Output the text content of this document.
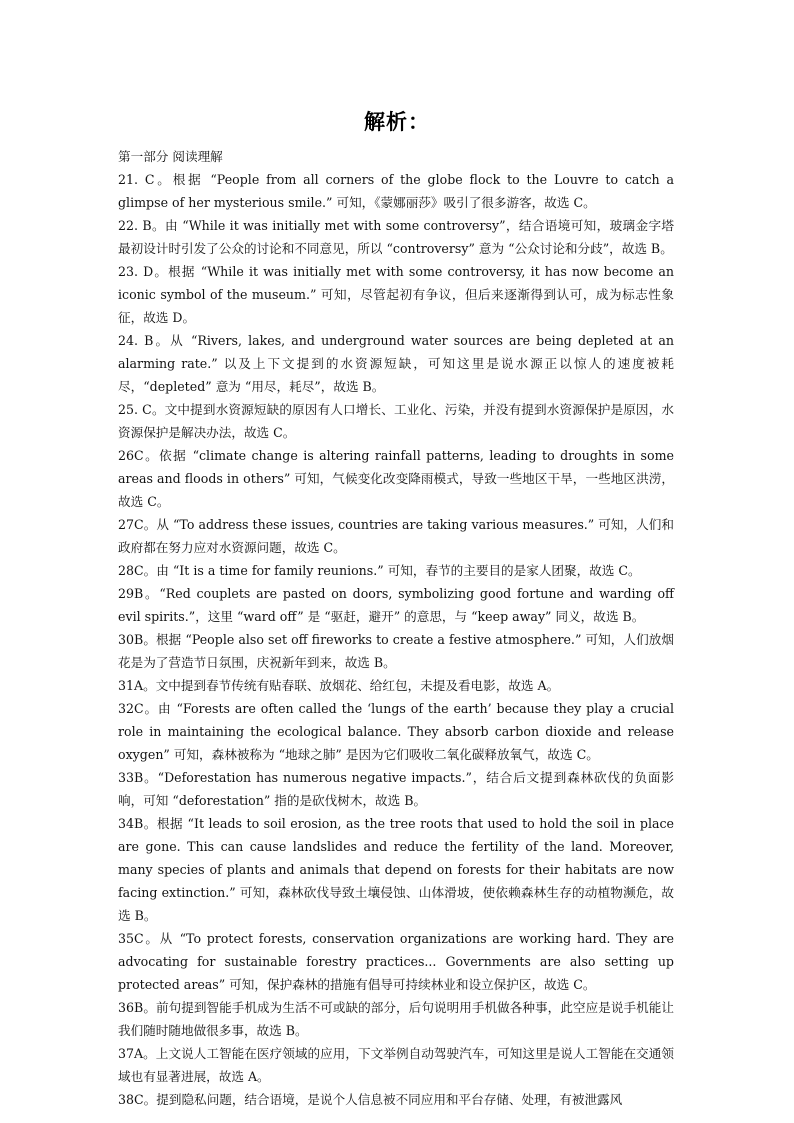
解析：
第一部分 阅读理解

21. C。根据 “People from all corners of the globe flock to the Louvre to catch a glimpse of her mysterious smile.” 可知，《蒙娜丽莎》吸引了很多游客，故选 C。

22. B。由 “While it was initially met with some controversy”，结合语境可知，玻璃金字塔最初设计时引发了公众的讨论和不同意见，所以 “controversy” 意为 “公众讨论和分歧”，故选 B。

23. D。根据 “While it was initially met with some controversy, it has now become an iconic symbol of the museum.” 可知，尽管起初有争议，但后来逐渐得到认可，成为标志性象征，故选 D。

24. B。从 “Rivers, lakes, and underground water sources are being depleted at an alarming rate.” 以及上下文提到的水资源短缺，可知这里是说水源正以惊人的速度被耗尽，“depleted” 意为 “用尽，耗尽”，故选 B。

25. C。文中提到水资源短缺的原因有人口增长、工业化、污染，并没有提到水资源保护是原因，水资源保护是解决办法，故选 C。

26C。依据 “climate change is altering rainfall patterns, leading to droughts in some areas and floods in others” 可知，气候变化改变降雨模式，导致一些地区干旱，一些地区洪涝，故选 C。

27C。从 “To address these issues, countries are taking various measures.” 可知，人们和政府都在努力应对水资源问题，故选 C。

28C。由 “It is a time for family reunions.” 可知，春节的主要目的是家人团聚，故选 C。

29B。“Red couplets are pasted on doors, symbolizing good fortune and warding off evil spirits.”，这里 “ward off” 是 “驱赶，避开” 的意思，与 “keep away” 同义，故选 B。

30B。根据 “People also set off fireworks to create a festive atmosphere.” 可知，人们放烟花是为了营造节日氛围，庆祝新年到来，故选 B。

31A。文中提到春节传统有贴春联、放烟花、给红包，未提及看电影，故选 A。

32C。由 “Forests are often called the ‘lungs of the earth’ because they play a crucial role in maintaining the ecological balance. They absorb carbon dioxide and release oxygen” 可知，森林被称为 “地球之肺” 是因为它们吸收二氧化碳释放氧气，故选 C。

33B。“Deforestation has numerous negative impacts.”，结合后文提到森林砍伐的负面影响，可知 “deforestation” 指的是砍伐树木，故选 B。

34B。根据 “It leads to soil erosion, as the tree roots that used to hold the soil in place are gone. This can cause landslides and reduce the fertility of the land. Moreover, many species of plants and animals that depend on forests for their habitats are now facing extinction.” 可知，森林砍伐导致土壤侵蚀、山体滑坡，使依赖森林生存的动植物濒危，故选 B。

35C。从 “To protect forests, conservation organizations are working hard. They are advocating for sustainable forestry practices... Governments are also setting up protected areas” 可知，保护森林的措施有倡导可持续林业和设立保护区，故选 C。

36B。前句提到智能手机成为生活不可或缺的部分，后句说明用手机做各种事，此空应是说手机能让我们随时随地做很多事，故选 B。

37A。上文说人工智能在医疗领域的应用，下文举例自动驾驶汽车，可知这里是说人工智能在交通领域也有显著进展，故选 A。

38C。提到隐私问题，结合语境，是说个人信息被不同应用和平台存储、处理，有被泄露风
